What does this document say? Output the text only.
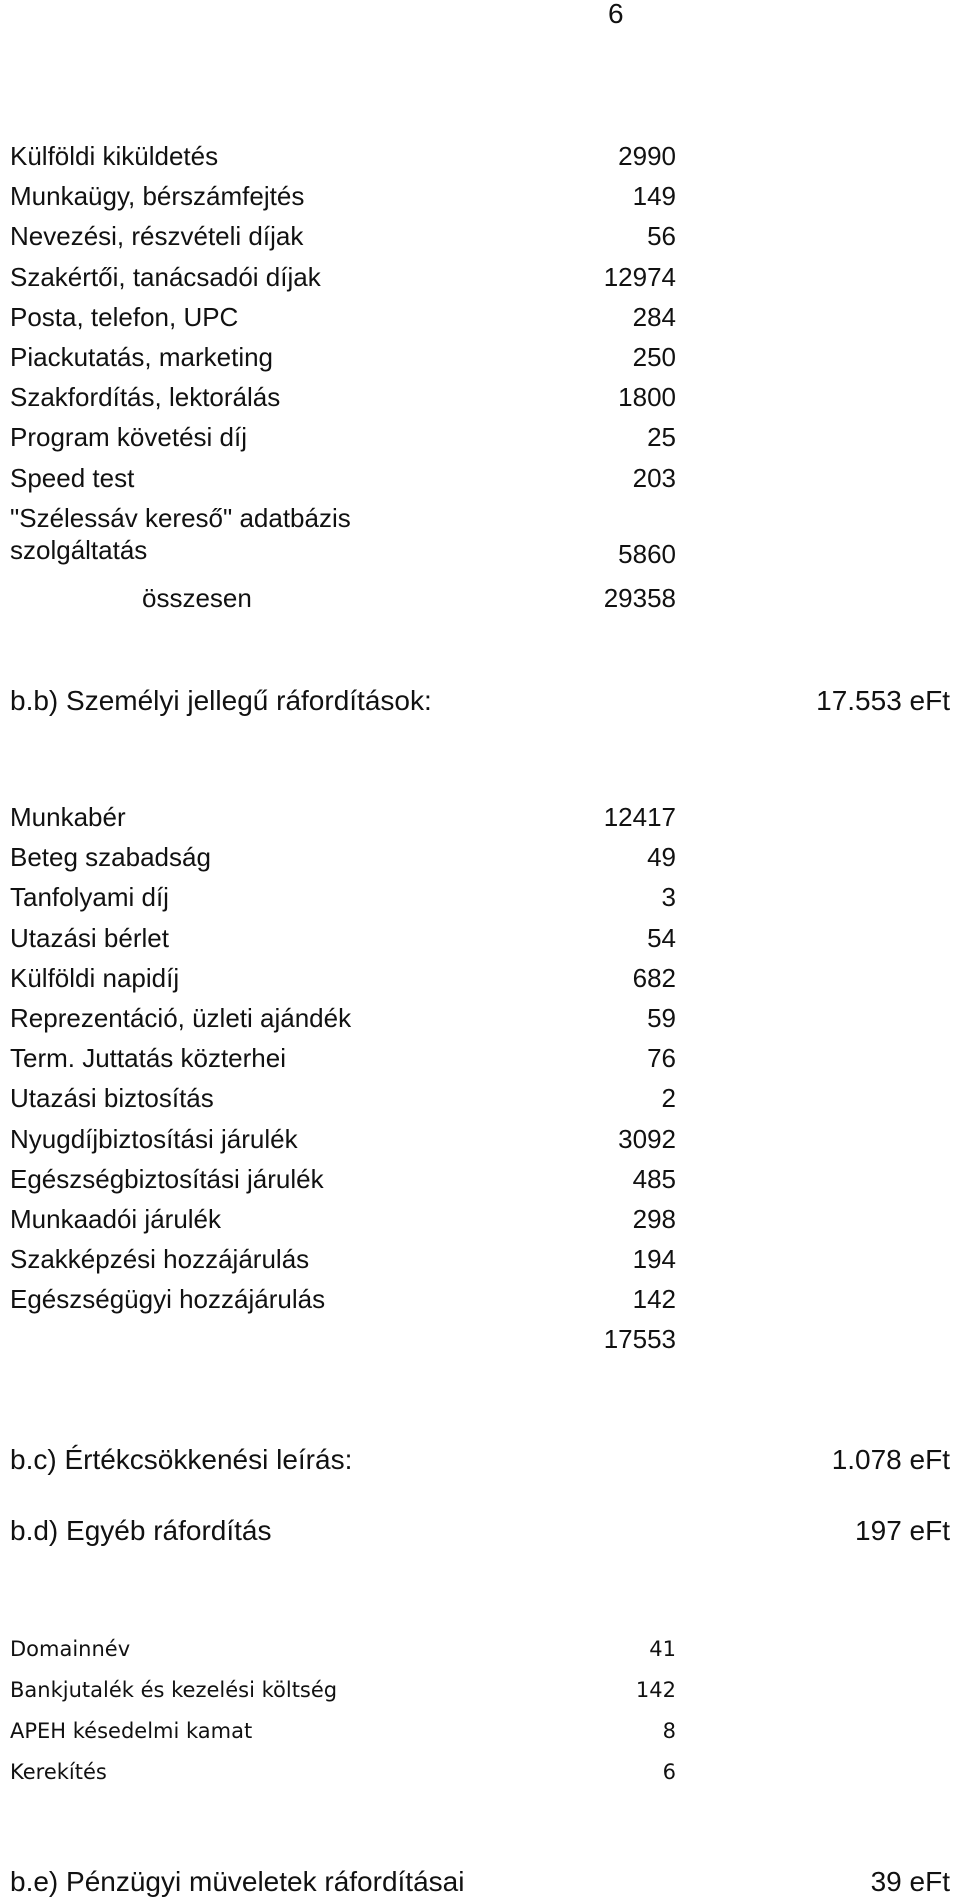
6
Külföldi kiküldetés	2990
Munkaügy, bérszámfejtés	149
Nevezési, részvételi díjak	56
Szakértői, tanácsadói díjak	12974
Posta, telefon, UPC	284
Piackutatás, marketing	250
Szakfordítás, lektorálás	1800
Program követési díj	25
Speed test	203
"Szélessáv kereső" adatbázis
szolgáltatás	5860
összesen	29358
b.b) Személyi jellegű ráfordítások:	17.553 eFt
Munkabér	12417
Beteg szabadság	49
Tanfolyami díj	3
Utazási bérlet	54
Külföldi napidíj	682
Reprezentáció, üzleti ajándék	59
Term. Juttatás közterhei	76
Utazási biztosítás	2
Nyugdíjbiztosítási járulék	3092
Egészségbiztosítási járulék	485
Munkaadói járulék	298
Szakképzési hozzájárulás	194
Egészségügyi hozzájárulás	142
17553
b.c) Értékcsökkenési leírás:	1.078 eFt
b.d) Egyéb ráfordítás	197 eFt
Domainnév	41
Bankjutalék és kezelési költség	142
APEH késedelmi kamat	8
Kerekítés	6
b.e) Pénzügyi müveletek ráfordításai	39 eFt
